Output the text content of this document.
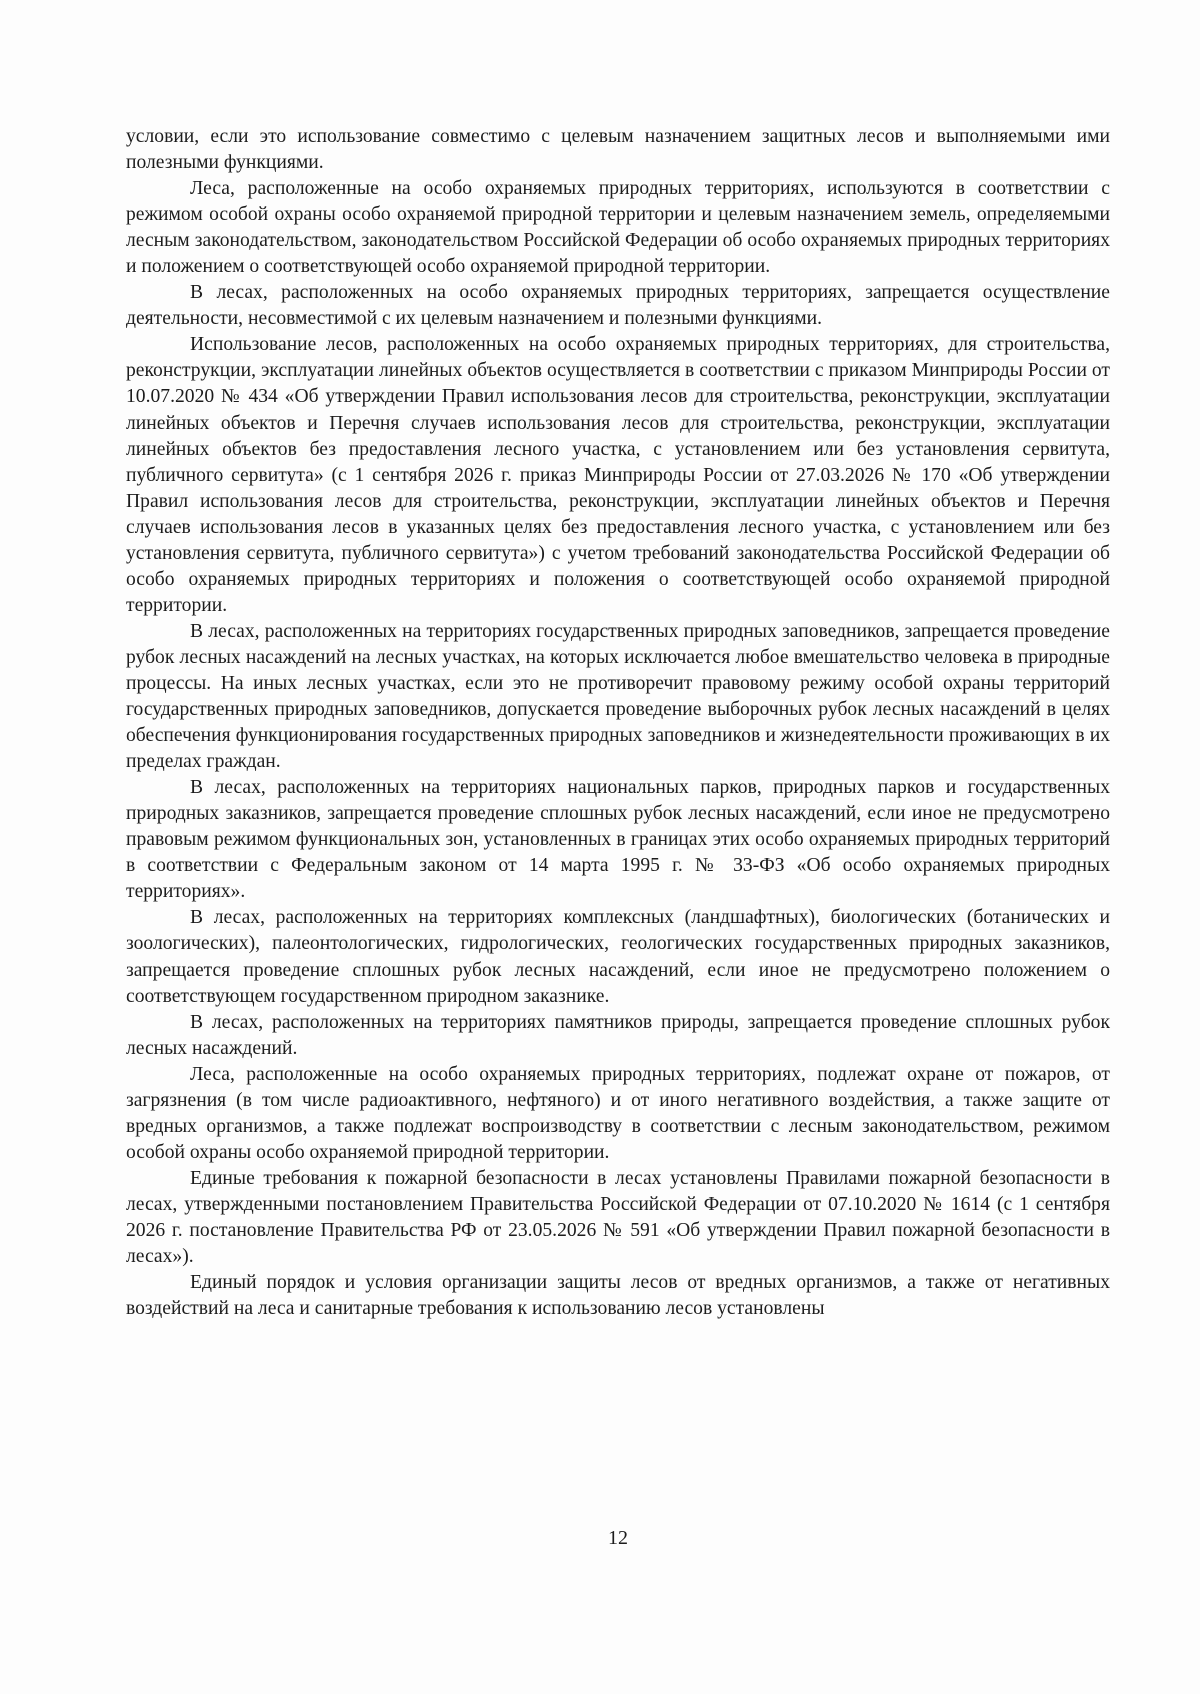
условии, если это использование совместимо с целевым назначением защитных лесов и выполняемыми ими полезными функциями.

Леса, расположенные на особо охраняемых природных территориях, используются в соответствии с режимом особой охраны особо охраняемой природной территории и целевым назначением земель, определяемыми лесным законодательством, законодательством Российской Федерации об особо охраняемых природных территориях и положением о соответствующей особо охраняемой природной территории.

В лесах, расположенных на особо охраняемых природных территориях, запрещается осуществление деятельности, несовместимой с их целевым назначением и полезными функциями.

Использование лесов, расположенных на особо охраняемых природных территориях, для строительства, реконструкции, эксплуатации линейных объектов осуществляется в соответствии с приказом Минприроды России от 10.07.2020 № 434 «Об утверждении Правил использования лесов для строительства, реконструкции, эксплуатации линейных объектов и Перечня случаев использования лесов для строительства, реконструкции, эксплуатации линейных объектов без предоставления лесного участка, с установлением или без установления сервитута, публичного сервитута» (с 1 сентября 2026 г. приказ Минприроды России от 27.03.2026 № 170 «Об утверждении Правил использования лесов для строительства, реконструкции, эксплуатации линейных объектов и Перечня случаев использования лесов в указанных целях без предоставления лесного участка, с установлением или без установления сервитута, публичного сервитута») с учетом требований законодательства Российской Федерации об особо охраняемых природных территориях и положения о соответствующей особо охраняемой природной территории.

В лесах, расположенных на территориях государственных природных заповедников, запрещается проведение рубок лесных насаждений на лесных участках, на которых исключается любое вмешательство человека в природные процессы. На иных лесных участках, если это не противоречит правовому режиму особой охраны территорий государственных природных заповедников, допускается проведение выборочных рубок лесных насаждений в целях обеспечения функционирования государственных природных заповедников и жизнедеятельности проживающих в их пределах граждан.

В лесах, расположенных на территориях национальных парков, природных парков и государственных природных заказников, запрещается проведение сплошных рубок лесных насаждений, если иное не предусмотрено правовым режимом функциональных зон, установленных в границах этих особо охраняемых природных территорий в соответствии с Федеральным законом от 14 марта 1995 г. № 33-ФЗ «Об особо охраняемых природных территориях».

В лесах, расположенных на территориях комплексных (ландшафтных), биологических (ботанических и зоологических), палеонтологических, гидрологических, геологических государственных природных заказников, запрещается проведение сплошных рубок лесных насаждений, если иное не предусмотрено положением о соответствующем государственном природном заказнике.

В лесах, расположенных на территориях памятников природы, запрещается проведение сплошных рубок лесных насаждений.

Леса, расположенные на особо охраняемых природных территориях, подлежат охране от пожаров, от загрязнения (в том числе радиоактивного, нефтяного) и от иного негативного воздействия, а также защите от вредных организмов, а также подлежат воспроизводству в соответствии с лесным законодательством, режимом особой охраны особо охраняемой природной территории.

Единые требования к пожарной безопасности в лесах установлены Правилами пожарной безопасности в лесах, утвержденными постановлением Правительства Российской Федерации от 07.10.2020 № 1614 (с 1 сентября 2026 г. постановление Правительства РФ от 23.05.2026 № 591 «Об утверждении Правил пожарной безопасности в лесах»).

Единый порядок и условия организации защиты лесов от вредных организмов, а также от негативных воздействий на леса и санитарные требования к использованию лесов установлены

12
